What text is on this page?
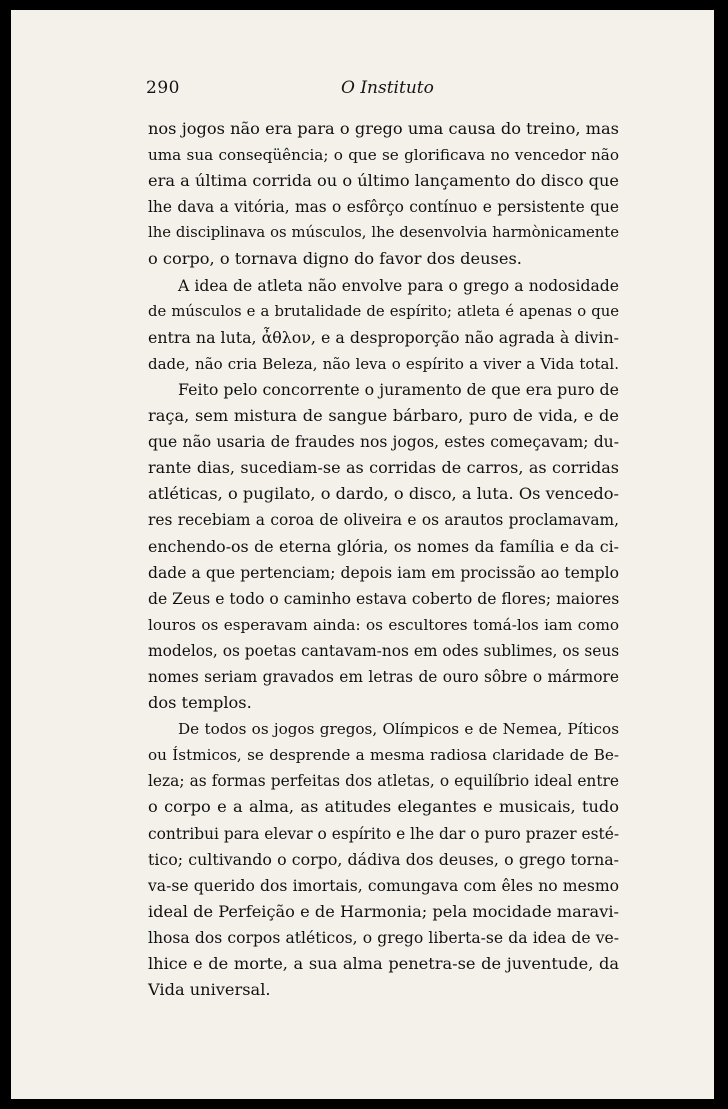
290	O Instituto
nos jogos não era para o grego uma causa do treino, mas
uma sua conseqüência; o que se glorificava no vencedor não
era a última corrida ou o último lançamento do disco que
lhe dava a vitória, mas o esfôrço contínuo e persistente que
lhe disciplinava os músculos, lhe desenvolvia harmònicamente
o corpo, o tornava digno do favor dos deuses.
A idea de atleta não envolve para o grego a nodosidade
de músculos e a brutalidade de espírito; atleta é apenas o que
entra na luta, ἆθλον, e a desproporção não agrada à divin-
dade, não cria Beleza, não leva o espírito a viver a Vida total.
Feito pelo concorrente o juramento de que era puro de
raça, sem mistura de sangue bárbaro, puro de vida, e de
que não usaria de fraudes nos jogos, estes começavam; du-
rante dias, sucediam-se as corridas de carros, as corridas
atléticas, o pugilato, o dardo, o disco, a luta. Os vencedo-
res recebiam a coroa de oliveira e os arautos proclamavam,
enchendo-os de eterna glória, os nomes da família e da ci-
dade a que pertenciam; depois iam em procissão ao templo
de Zeus e todo o caminho estava coberto de flores; maiores
louros os esperavam ainda: os escultores tomá-los iam como
modelos, os poetas cantavam-nos em odes sublimes, os seus
nomes seriam gravados em letras de ouro sôbre o mármore
dos templos.
De todos os jogos gregos, Olímpicos e de Nemea, Píticos
ou Ístmicos, se desprende a mesma radiosa claridade de Be-
leza; as formas perfeitas dos atletas, o equilíbrio ideal entre
o corpo e a alma, as atitudes elegantes e musicais, tudo
contribui para elevar o espírito e lhe dar o puro prazer esté-
tico; cultivando o corpo, dádiva dos deuses, o grego torna-
va-se querido dos imortais, comungava com êles no mesmo
ideal de Perfeição e de Harmonia; pela mocidade maravi-
lhosa dos corpos atléticos, o grego liberta-se da idea de ve-
lhice e de morte, a sua alma penetra-se de juventude, da
Vida universal.
